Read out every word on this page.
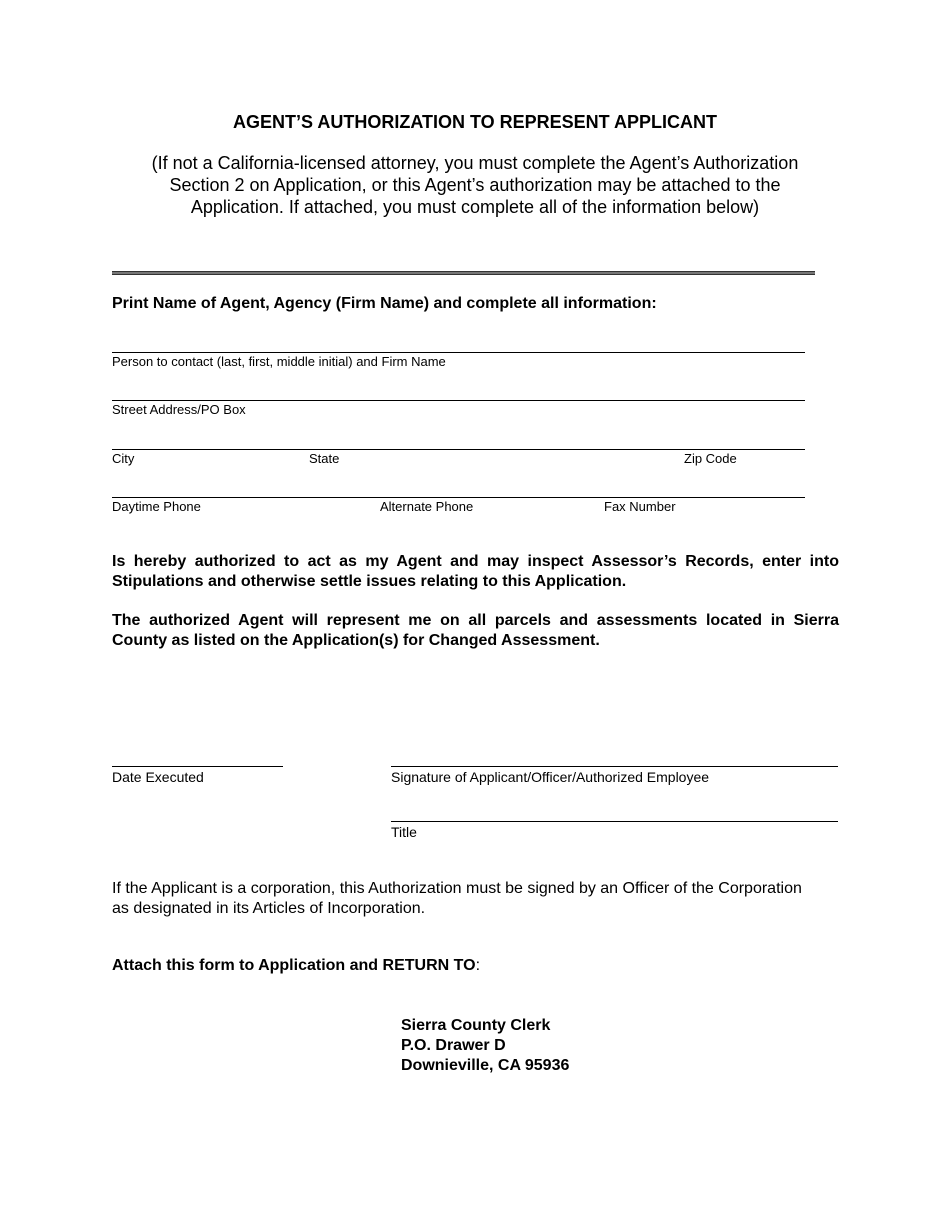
AGENT’S AUTHORIZATION TO REPRESENT APPLICANT
(If not a California-licensed attorney, you must complete the Agent’s Authorization
Section 2 on Application, or this Agent’s authorization may be attached to the
Application. If attached, you must complete all of the information below)
Print Name of Agent, Agency (Firm Name) and complete all information:
Person to contact (last, first, middle initial) and Firm Name
Street Address/PO Box
City	State	Zip Code
Daytime Phone	Alternate Phone	Fax Number
Is hereby authorized to act as my Agent and may inspect Assessor’s Records, enter into Stipulations and otherwise settle issues relating to this Application.
The authorized Agent will represent me on all parcels and assessments located in Sierra County as listed on the Application(s) for Changed Assessment.
Date Executed	Signature of Applicant/Officer/Authorized Employee
Title
If the Applicant is a corporation, this Authorization must be signed by an Officer of the Corporation as designated in its Articles of Incorporation.
Attach this form to Application and RETURN TO:
Sierra County Clerk
P.O. Drawer D
Downieville, CA 95936
